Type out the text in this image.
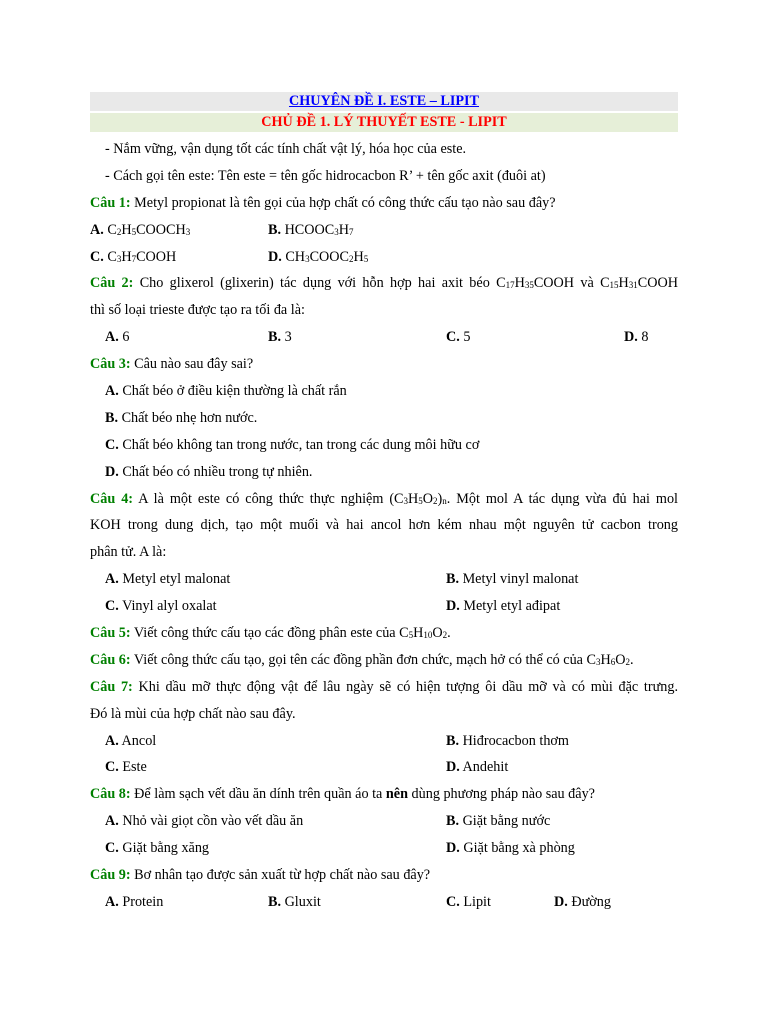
CHUYÊN ĐỀ I. ESTE – LIPIT
CHỦ ĐỀ 1. LÝ THUYẾT ESTE - LIPIT
- Nắm vững, vận dụng tốt các tính chất vật lý, hóa học của este.
- Cách gọi tên este: Tên este = tên gốc hidrocacbon R’ + tên gốc axit (đuôi at)
Câu 1: Metyl propionat là tên gọi của hợp chất có công thức cấu tạo nào sau đây?
A. $C_2H_5COOCH_3$	B. $HCOOC_3H_7$
C. $C_3H_7COOH$	D. $CH_3COOC_2H_5$
Câu 2: Cho glixerol (glixerin) tác dụng với hỗn hợp hai axit béo $C_{17}H_{35}COOH$ và $C_{15}H_{31}COOH$
thì số loại trieste được tạo ra tối đa là:
A. 6	B. 3	C. 5	D. 8
Câu 3: Câu nào sau đây sai?
A. Chất béo ở điều kiện thường là chất rắn
B. Chất béo nhẹ hơn nước.
C. Chất béo không tan trong nước, tan trong các dung môi hữu cơ
D. Chất béo có nhiều trong tự nhiên.
Câu 4: A là một este có công thức thực nghiệm $(C_3H_5O_2)_n$. Một mol A tác dụng vừa đủ hai mol
KOH trong dung dịch, tạo một muối và hai ancol hơn kém nhau một nguyên tử cacbon trong
phân tử. A là:
A. Metyl etyl malonat	B. Metyl vinyl malonat
C. Vinyl alyl oxalat	D. Metyl etyl ađipat
Câu 5: Viết công thức cấu tạo các đồng phân este của $C_5H_{10}O_2$.
Câu 6: Viết công thức cấu tạo, gọi tên các đồng phần đơn chức, mạch hở có thể có của $C_3H_6O_2$.
Câu 7: Khi dầu mỡ thực động vật để lâu ngày sẽ có hiện tượng ôi dầu mỡ và có mùi đặc trưng.
Đó là mùi của hợp chất nào sau đây.
A. Ancol	B. Hiđrocacbon thơm
C. Este	D. Andehit
Câu 8: Để làm sạch vết dầu ăn dính trên quần áo ta nên dùng phương pháp nào sau đây?
A. Nhỏ vài giọt cồn vào vết dầu ăn	B. Giặt bằng nước
C. Giặt bằng xăng	D. Giặt bằng xà phòng
Câu 9: Bơ nhân tạo được sản xuất từ hợp chất nào sau đây?
A. Protein	B. Gluxit	C. Lipit	D. Đường
